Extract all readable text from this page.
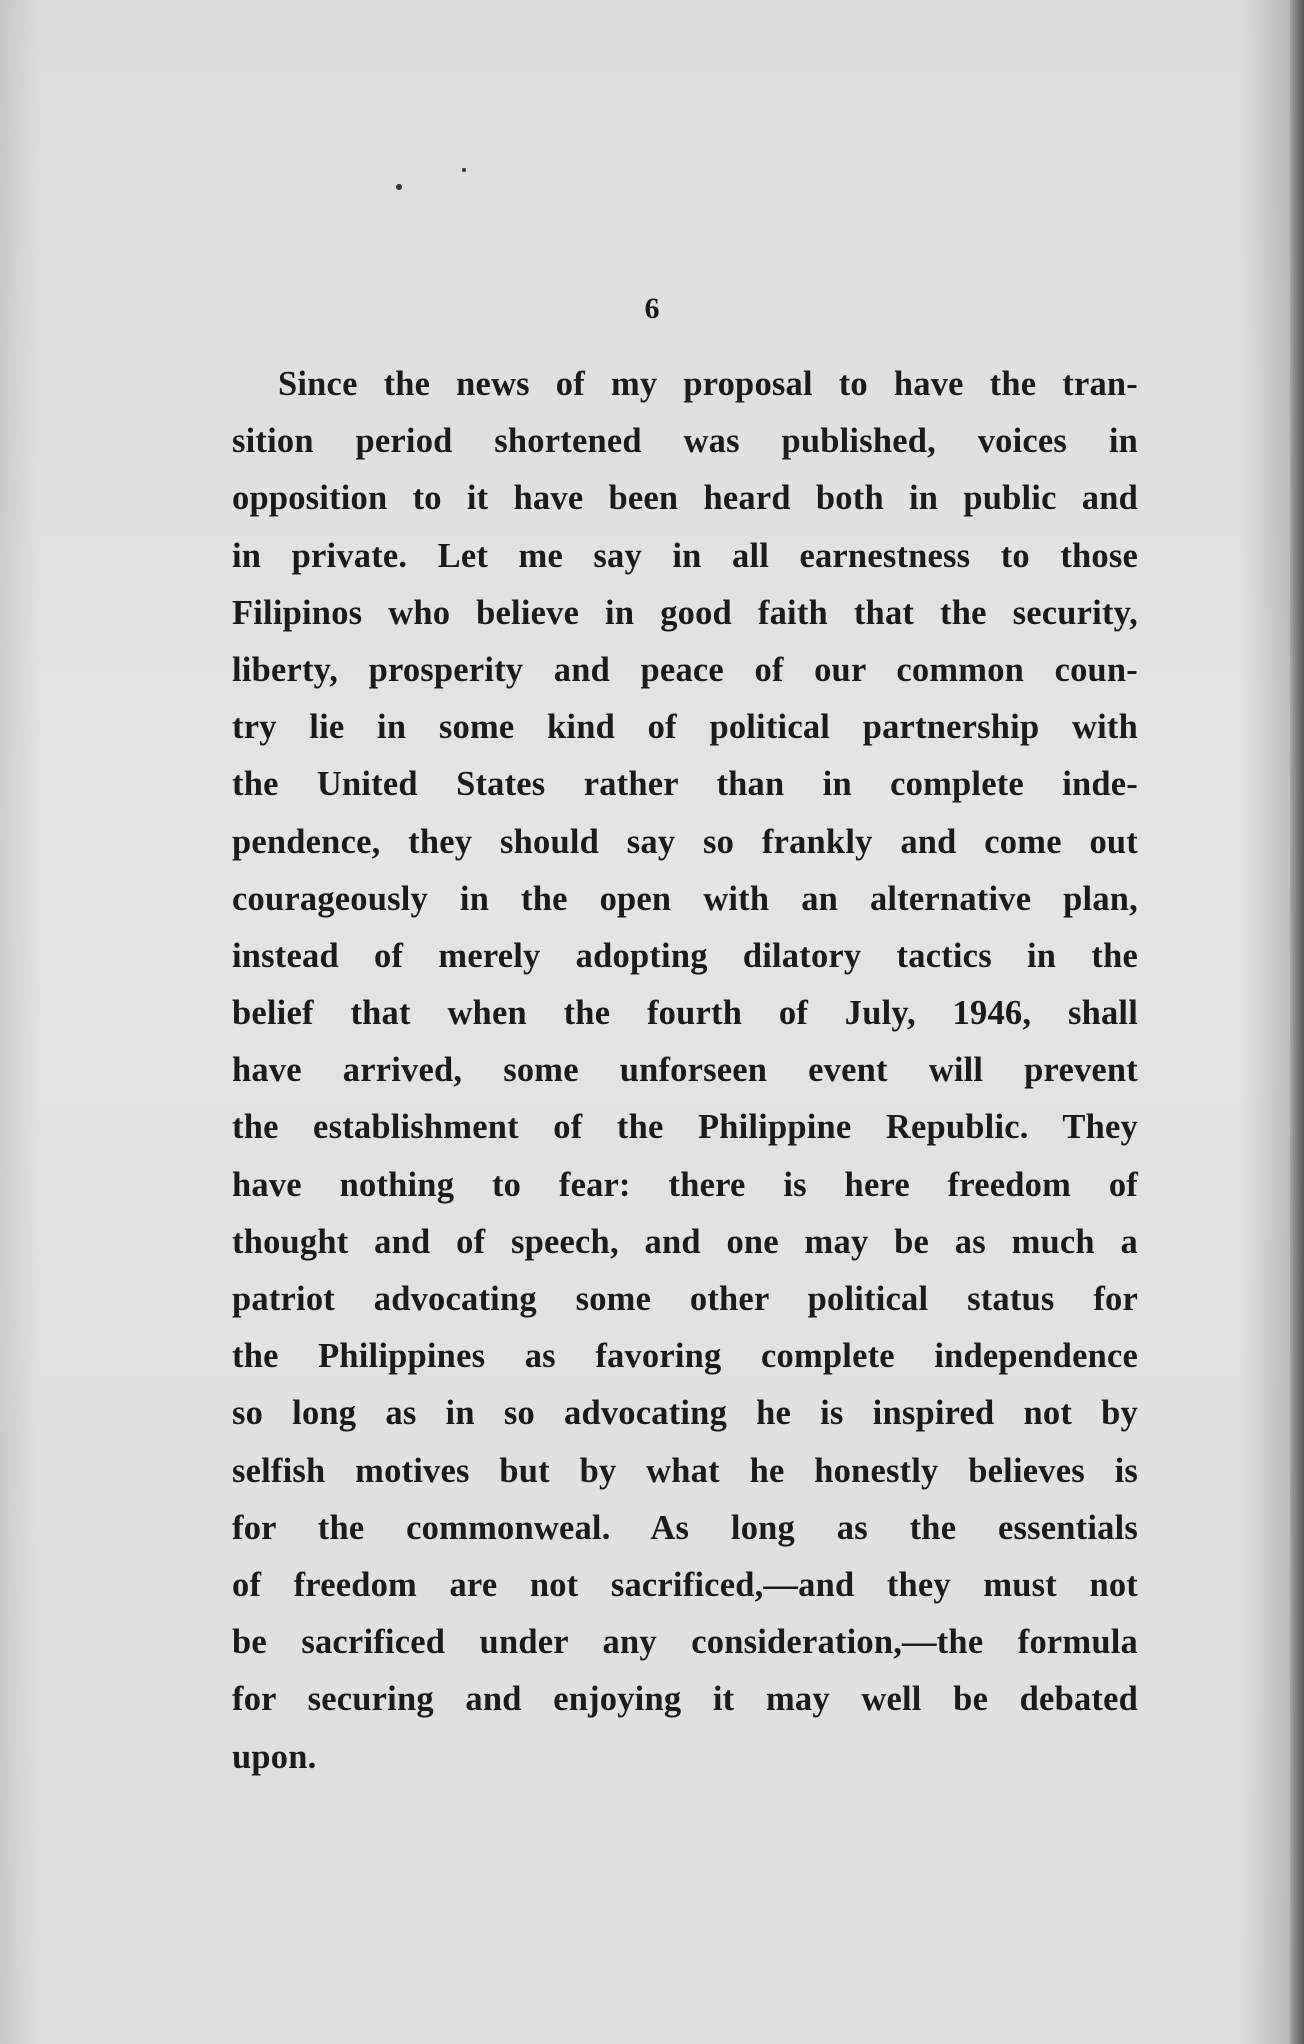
6
Since the news of my proposal to have the tran-
sition period shortened was published, voices in
opposition to it have been heard both in public and
in private. Let me say in all earnestness to those
Filipinos who believe in good faith that the security,
liberty, prosperity and peace of our common coun-
try lie in some kind of political partnership with
the United States rather than in complete inde-
pendence, they should say so frankly and come out
courageously in the open with an alternative plan,
instead of merely adopting dilatory tactics in the
belief that when the fourth of July, 1946, shall
have arrived, some unforseen event will prevent
the establishment of the Philippine Republic. They
have nothing to fear: there is here freedom of
thought and of speech, and one may be as much a
patriot advocating some other political status for
the Philippines as favoring complete independence
so long as in so advocating he is inspired not by
selfish motives but by what he honestly believes is
for the commonweal. As long as the essentials
of freedom are not sacrificed,—and they must not
be sacrificed under any consideration,—the formula
for securing and enjoying it may well be debated
upon.
